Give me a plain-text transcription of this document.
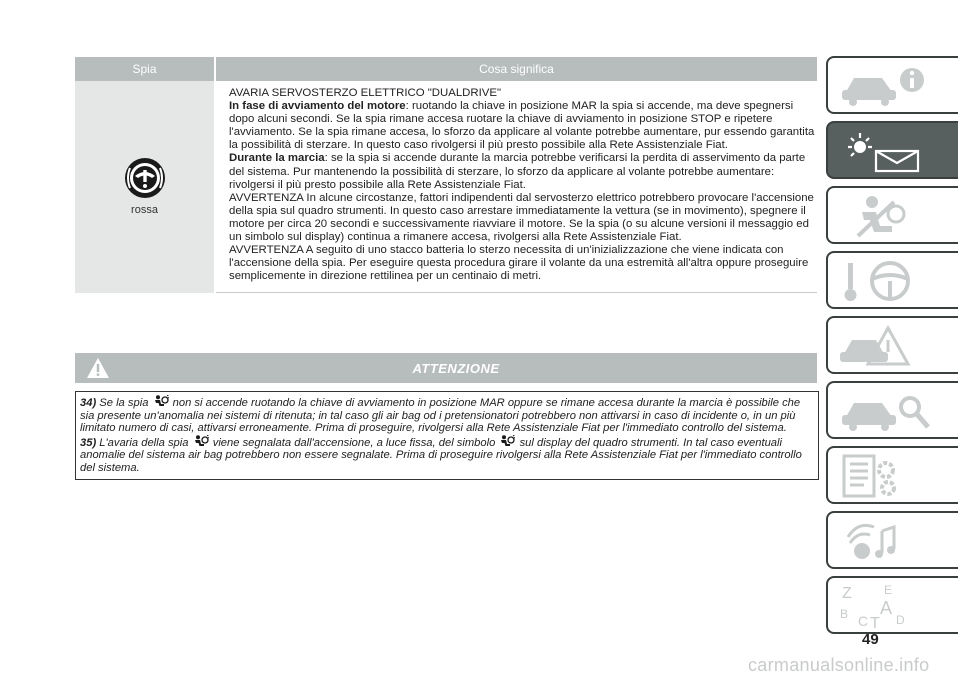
Spia	Cosa significa

rossa	AVARIA SERVOSTERZO ELETTRICO "DUALDRIVE"

In fase di avviamento del motore: ruotando la chiave in posizione MAR la spia si accende, ma deve spegnersi dopo alcuni secondi. Se la spia rimane accesa ruotare la chiave di avviamento in posizione STOP e ripetere l'avviamento. Se la spia rimane accesa, lo sforzo da applicare al volante potrebbe aumentare, pur essendo garantita la possibilità di sterzare. In questo caso rivolgersi il più presto possibile alla Rete Assistenziale Fiat.

Durante la marcia: se la spia si accende durante la marcia potrebbe verificarsi la perdita di asservimento da parte del sistema. Pur mantenendo la possibilità di sterzare, lo sforzo da applicare al volante potrebbe aumentare: rivolgersi il più presto possibile alla Rete Assistenziale Fiat.

AVVERTENZA In alcune circostanze, fattori indipendenti dal servosterzo elettrico potrebbero provocare l'accensione della spia sul quadro strumenti. In questo caso arrestare immediatamente la vettura (se in movimento), spegnere il motore per circa 20 secondi e successivamente riavviare il motore. Se la spia (o su alcune versioni il messaggio ed un simbolo sul display) continua a rimanere accesa, rivolgersi alla Rete Assistenziale Fiat.

AVVERTENZA A seguito di uno stacco batteria lo sterzo necessita di un'inizializzazione che viene indicata con l'accensione della spia. Per eseguire questa procedura girare il volante da una estremità all'altra oppure proseguire semplicemente in direzione rettilinea per un centinaio di metri.

ATTENZIONE

34) Se la spia non si accende ruotando la chiave di avviamento in posizione MAR oppure se rimane accesa durante la marcia è possibile che sia presente un'anomalia nei sistemi di ritenuta; in tal caso gli air bag od i pretensionatori potrebbero non attivarsi in caso di incidente o, in un più limitato numero di casi, attivarsi erroneamente. Prima di proseguire, rivolgersi alla Rete Assistenziale Fiat per l'immediato controllo del sistema.

35) L'avaria della spia viene segnalata dall'accensione, a luce fissa, del simbolo sul display del quadro strumenti. In tal caso eventuali anomalie del sistema air bag potrebbero non essere segnalate. Prima di proseguire rivolgersi alla Rete Assistenziale Fiat per l'immediato controllo del sistema.

Z	E
B A
C T D
49
carmanualsonline.info
